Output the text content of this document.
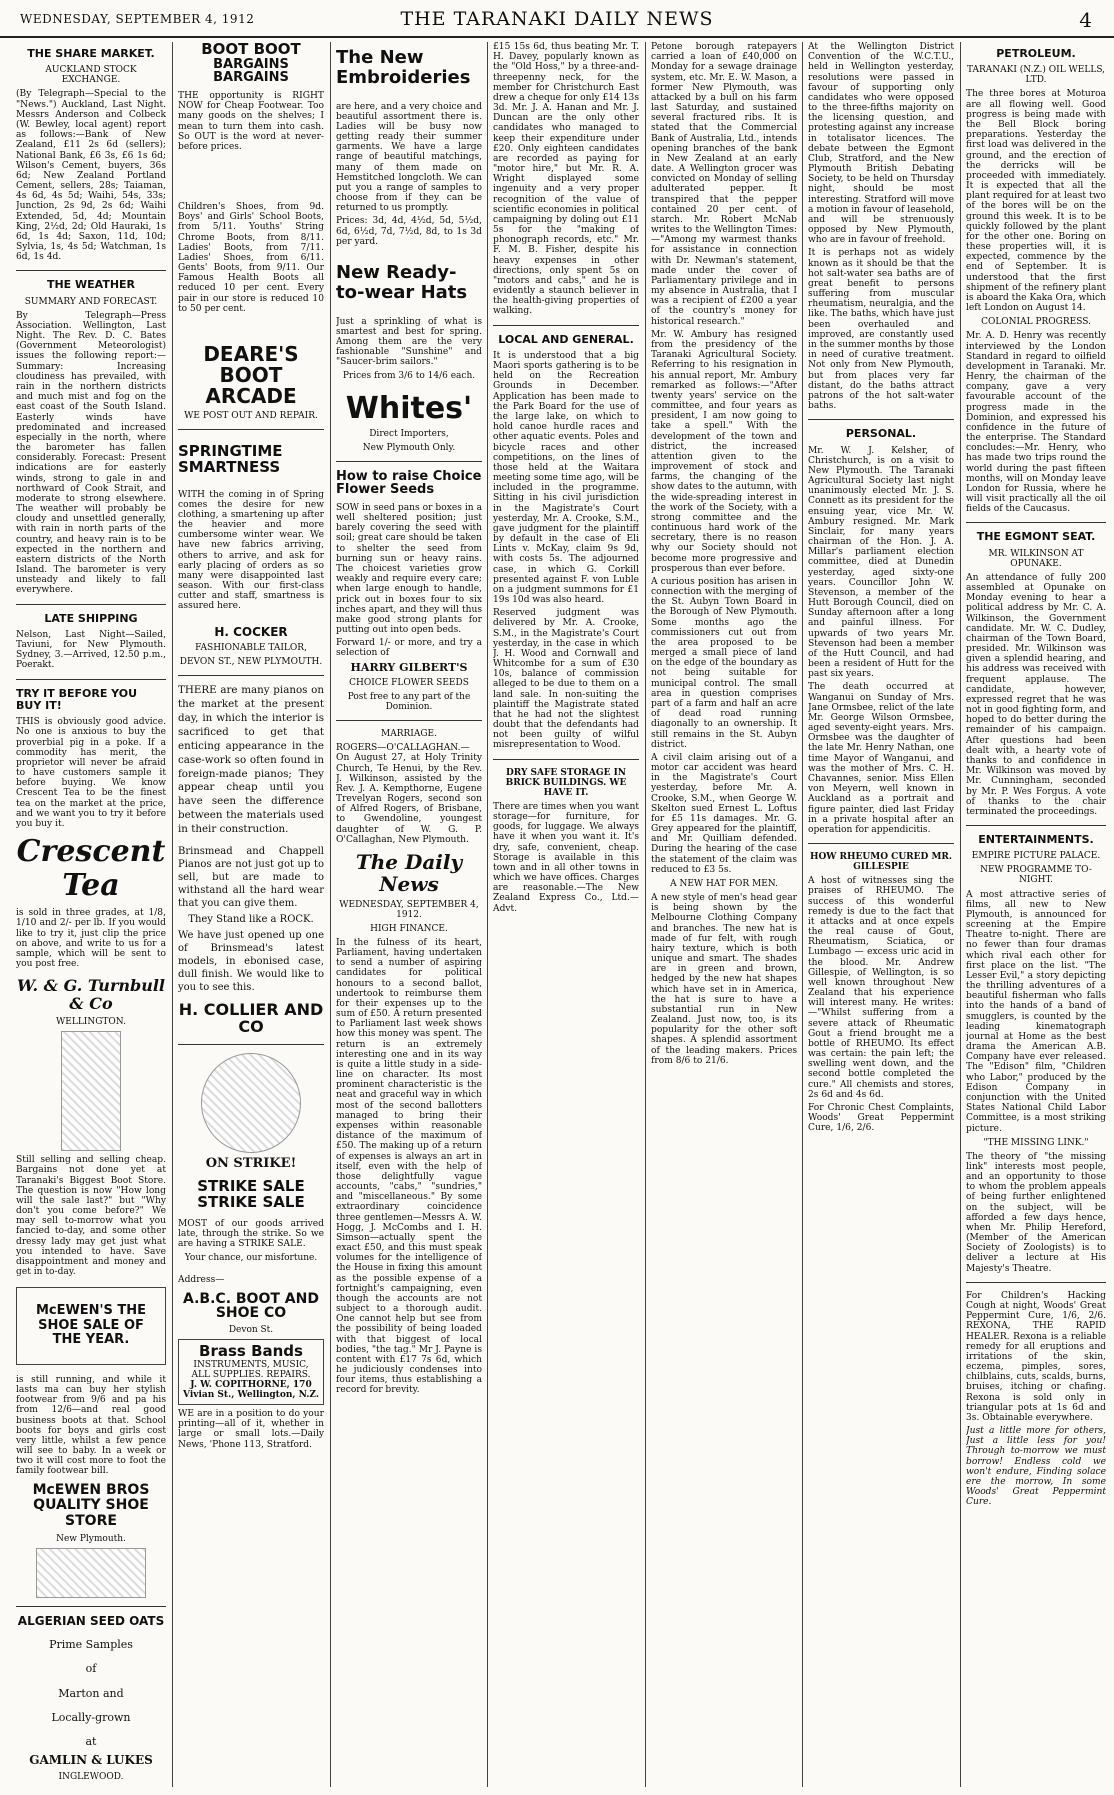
WEDNESDAY, SEPTEMBER 4, 1912	THE TARANAKI DAILY NEWS	4
THE SHARE MARKET.
AUCKLAND STOCK EXCHANGE.

(By Telegraph—Special to the "News.") Auckland, Last Night. Messrs Anderson and Colbeck (W. Bewley, local agent) report as follows:—Bank of New Zealand, £11 2s 6d (sellers); National Bank, £6 3s, £6 1s 6d; Wilson's Cement, buyers, 36s 6d; New Zealand Portland Cement, sellers, 28s; Taiaman, 4s 6d, 4s 5d; Waihi, 54s, 33s; Junction, 2s 9d, 2s 6d; Waihi Extended, 5d, 4d; Mountain King, 2½d, 2d; Old Hauraki, 1s 6d, 1s 4d; Saxon, 11d, 10d; Sylvia, 1s, 4s 5d; Watchman, 1s 6d, 1s 4d.

THE WEATHER
SUMMARY AND FORECAST.

By Telegraph—Press Association. Wellington, Last Night. The Rev. D. C. Bates (Government Meteorologist) issues the following report:— Summary: Increasing cloudiness has prevailed, with rain in the northern districts and much mist and fog on the east coast of the South Island. Easterly winds have predominated and increased especially in the north, where the barometer has fallen considerably. Forecast: Present indications are for easterly winds, strong to gale in and northward of Cook Strait, and moderate to strong elsewhere. The weather will probably be cloudy and unsettled generally, with rain in north parts of the country, and heavy rain is to be expected in the northern and eastern districts of the North Island. The barometer is very unsteady and likely to fall everywhere.

LATE SHIPPING

Nelson, Last Night—Sailed, Taviuni, for New Plymouth. Sydney, 3.—Arrived, 12.50 p.m., Poerakt.

TRY IT BEFORE YOU BUY IT!

THIS is obviously good advice. No one is anxious to buy the proverbial pig in a poke. If a commodity has merit, the proprietor will never be afraid to have customers sample it before buying. We know Crescent Tea to be the finest tea on the market at the price, and we want you to try it before you buy it.

Crescent Tea

is sold in three grades, at 1/8, 1/10 and 2/- per lb. If you would like to try it, just clip the price on above, and write to us for a sample, which will be sent to you post free.

W. & G. Turnbull & Co
WELLINGTON.

Still selling and selling cheap. Bargains not done yet at Taranaki's Biggest Boot Store. The question is now "How long will the sale last?" but "Why don't you come before?" We may sell to-morrow what you fancied to-day, and some other dressy lady may get just what you intended to have. Save disappointment and money and get in to-day.

McEWEN'S THE SHOE SALE OF THE YEAR.

is still running, and while it lasts ma can buy her stylish footwear from 9/6 and pa his from 12/6—and real good business boots at that. School boots for boys and girls cost very little, whilst a few pence will see to baby. In a week or two it will cost more to foot the family footwear bill.

McEWEN BROS QUALITY SHOE STORE
New Plymouth.
ALGERIAN SEED OATS
Prime Samples
of
Marton and
Locally-grown
at
GAMLIN & LUKES
INGLEWOOD.
BOOT BOOT
BARGAINS BARGAINS

THE opportunity is RIGHT NOW for Cheap Footwear. Too many goods on the shelves; I mean to turn them into cash. So OUT is the word at never-before prices.

Children's Shoes, from 9d. Boys' and Girls' School Boots, from 5/11. Youths' String Chrome Boots, from 8/11. Ladies' Boots, from 7/11. Ladies' Shoes, from 6/11. Gents' Boots, from 9/11. Our Famous Health Boots all reduced 10 per cent. Every pair in our store is reduced 10 to 50 per cent.

DEARE'S BOOT ARCADE
WE POST OUT AND REPAIR.
SPRINGTIME SMARTNESS

WITH the coming in of Spring comes the desire for new clothing, a smartening up after the heavier and more cumbersome winter wear. We have new fabrics arriving, others to arrive, and ask for early placing of orders as so many were disappointed last season. With our first-class cutter and staff, smartness is assured here.

H. COCKER
FASHIONABLE TAILOR,
DEVON ST., NEW PLYMOUTH.

THERE are many pianos on the market at the present day, in which the interior is sacrificed to get that enticing appearance in the case-work so often found in foreign-made pianos; They appear cheap until you have seen the difference between the materials used in their construction.

Brinsmead and Chappell Pianos are not just got up to sell, but are made to withstand all the hard wear that you can give them.

They Stand like a ROCK.

We have just opened up one of Brinsmead's latest models, in ebonised case, dull finish. We would like to you to see this.

H. COLLIER AND CO
ON STRIKE!
STRIKE SALE STRIKE SALE

MOST of our goods arrived late, through the strike. So we are having a STRIKE SALE.

Your chance, our misfortune.

Address—

A.B.C. BOOT AND SHOE CO
Devon St.
Brass Bands
INSTRUMENTS, MUSIC, ALL SUPPLIES. REPAIRS.
J. W. COPITHORNE, 170 Vivian St., Wellington, N.Z.

WE are in a position to do your printing—all of it, whether in large or small lots.—Daily News, 'Phone 113, Stratford.

The New Embroideries

are here, and a very choice and beautiful assortment there is. Ladies will be busy now getting ready their summer garments. We have a large range of beautiful matchings, many of them made on Hemstitched longcloth. We can put you a range of samples to choose from if they can be returned to us promptly.

Prices: 3d, 4d, 4½d, 5d, 5½d, 6d, 6½d, 7d, 7½d, 8d, to 1s 3d per yard.

New Ready-to-wear Hats

Just a sprinkling of what is smartest and best for spring. Among them are the very fashionable "Sunshine" and "Saucer-brim sailors."

Prices from 3/6 to 14/6 each.
Whites'
Direct Importers,
New Plymouth Only.
How to raise Choice Flower Seeds

SOW in seed pans or boxes in a well sheltered position; just barely covering the seed with soil; great care should be taken to shelter the seed from burning sun or heavy rains. The choicest varieties grow weakly and require every care; when large enough to handle, prick out in boxes four to six inches apart, and they will thus make good strong plants for putting out into open beds.

Forward 1/- or more, and try a selection of

HARRY GILBERT'S
CHOICE FLOWER SEEDS
Post free to any part of the Dominion.
MARRIAGE.

ROGERS—O'CALLAGHAN.—On August 27, at Holy Trinity Church, Te Henui, by the Rev. J. Wilkinson, assisted by the Rev. J. A. Kempthorne, Eugene Trevelyan Rogers, second son of Alfred Rogers, of Brisbane, to Gwendoline, youngest daughter of W. G. P. O'Callaghan, New Plymouth.

The Daily News
WEDNESDAY, SEPTEMBER 4, 1912.
HIGH FINANCE.

In the fulness of its heart, Parliament, having undertaken to send a number of aspiring candidates for political honours to a second ballot, undertook to reimburse them for their expenses up to the sum of £50. A return presented to Parliament last week shows how this money was spent. The return is an extremely interesting one and in its way is quite a little study in a side-line on character. Its most prominent characteristic is the neat and graceful way in which most of the second ballotters managed to bring their expenses within reasonable distance of the maximum of £50. The making up of a return of expenses is always an art in itself, even with the help of those delightfully vague accounts, "cabs," "sundries," and "miscellaneous." By some extraordinary coincidence three gentlemen—Messrs A. W. Hogg, J. McCombs and I. H. Simson—actually spent the exact £50, and this must speak volumes for the intelligence of the House in fixing this amount as the possible expense of a fortnight's campaigning, even though the accounts are not subject to a thorough audit. One cannot help but see from the possibility of being loaded with that biggest of local bodies, "the tag." Mr J. Payne is content with £17 7s 6d, which he judiciously condenses into four items, thus establishing a record for brevity.

£15 15s 6d, thus beating Mr. T. H. Davey, popularly known as the "Old Hoss," by a three-and-threepenny neck, for the member for Christchurch East drew a cheque for only £14 13s 3d. Mr. J. A. Hanan and Mr. J. Duncan are the only other candidates who managed to keep their expenditure under £20. Only eighteen candidates are recorded as paying for "motor hire," but Mr. R. A. Wright displayed some ingenuity and a very proper recognition of the value of scientific economies in political campaigning by doling out £11 5s for the "making of phonograph records, etc." Mr. F. M. B. Fisher, despite his heavy expenses in other directions, only spent 5s on "motors and cabs," and he is evidently a staunch believer in the health-giving properties of walking.

LOCAL AND GENERAL.

It is understood that a big Maori sports gathering is to be held on the Recreation Grounds in December. Application has been made to the Park Board for the use of the large lake, on which to hold canoe hurdle races and other aquatic events. Poles and bicycle races and other competitions, on the lines of those held at the Waitara meeting some time ago, will be included in the programme. Sitting in his civil jurisdiction in the Magistrate's Court yesterday, Mr. A. Crooke, S.M., gave judgment for the plaintiff by default in the case of Eli Lints v. McKay, claim 9s 9d, with costs 5s. The adjourned case, in which G. Corkill presented against F. von Luble on a judgment summons for £1 19s 10d was also heard.

Reserved judgment was delivered by Mr. A. Crooke, S.M., in the Magistrate's Court yesterday, in the case in which J. H. Wood and Cornwall and Whitcombe for a sum of £30 10s, balance of commission alleged to be due to them on a land sale. In non-suiting the plaintiff the Magistrate stated that he had not the slightest doubt that the defendants had not been guilty of wilful misrepresentation to Wood.

DRY SAFE STORAGE IN BRICK BUILDINGS. WE HAVE IT.

There are times when you want storage—for furniture, for goods, for luggage. We always have it when you want it. It's dry, safe, convenient, cheap. Storage is available in this town and in all other towns in which we have offices. Charges are reasonable.—The New Zealand Express Co., Ltd.—Advt.

Petone borough ratepayers carried a loan of £40,000 on Monday for a sewage drainage system, etc. Mr. E. W. Mason, a former New Plymouth, was attacked by a bull on his farm last Saturday, and sustained several fractured ribs. It is stated that the Commercial Bank of Australia, Ltd., intends opening branches of the bank in New Zealand at an early date. A Wellington grocer was convicted on Monday of selling adulterated pepper. It transpired that the pepper contained 20 per cent. of starch. Mr. Robert McNab writes to the Wellington Times:—"Among my warmest thanks for assistance in connection with Dr. Newman's statement, made under the cover of Parliamentary privilege and in my absence in Australia, that I was a recipient of £200 a year of the country's money for historical research."

Mr. W. Ambury has resigned from the presidency of the Taranaki Agricultural Society. Referring to his resignation in his annual report, Mr. Ambury remarked as follows:—"After twenty years' service on the committee, and four years as president, I am now going to take a spell." With the development of the town and district, the increased attention given to the improvement of stock and farms, the changing of the show dates to the autumn, with the wide-spreading interest in the work of the Society, with a strong committee and the continuous hard work of the secretary, there is no reason why our Society should not become more progressive and prosperous than ever before.

A curious position has arisen in connection with the merging of the St. Aubyn Town Board in the Borough of New Plymouth. Some months ago the commissioners cut out from the area proposed to be merged a small piece of land on the edge of the boundary as not being suitable for municipal control. The small area in question comprises part of a farm and half an acre of dead road running diagonally to an ownership. It still remains in the St. Aubyn district.

A civil claim arising out of a motor car accident was heard in the Magistrate's Court yesterday, before Mr. A. Crooke, S.M., when George W. Skelton sued Ernest L. Loftus for £5 11s damages. Mr. G. Grey appeared for the plaintiff, and Mr. Quilliam defended. During the hearing of the case the statement of the claim was reduced to £3 5s.

A NEW HAT FOR MEN.

A new style of men's head gear is being shown by the Melbourne Clothing Company and branches. The new hat is made of fur felt, with rough hairy texture, which is both unique and smart. The shades are in green and brown, hedged by the new hat shapes which have set in in America, the hat is sure to have a substantial run in New Zealand. Just now, too, is its popularity for the other soft shapes. A splendid assortment of the leading makers. Prices from 8/6 to 21/6.

At the Wellington District Convention of the W.C.T.U., held in Wellington yesterday, resolutions were passed in favour of supporting only candidates who were opposed to the three-fifths majority on the licensing question, and protesting against any increase in totalisator licences. The debate between the Egmont Club, Stratford, and the New Plymouth British Debating Society, to be held on Thursday night, should be most interesting. Stratford will move a motion in favour of leasehold, and will be strenuously opposed by New Plymouth, who are in favour of freehold.

It is perhaps not as widely known as it should be that the hot salt-water sea baths are of great benefit to persons suffering from muscular rheumatism, neuralgia, and the like. The baths, which have just been overhauled and improved, are constantly used in the summer months by those in need of curative treatment. Not only from New Plymouth, but from places very far distant, do the baths attract patrons of the hot salt-water baths.

PERSONAL.

Mr. W. J. Kelsher, of Christchurch, is on a visit to New Plymouth. The Taranaki Agricultural Society last night unanimously elected Mr. J. S. Connett as its president for the ensuing year, vice Mr. W. Ambury resigned. Mr. Mark Sinclair, for many years chairman of the Hon. J. A. Millar's parliament election committee, died at Dunedin yesterday, aged sixty-one years. Councillor John W. Stevenson, a member of the Hutt Borough Council, died on Sunday afternoon after a long and painful illness. For upwards of two years Mr. Stevenson had been a member of the Hutt Council, and had been a resident of Hutt for the past six years.

The death occurred at Wanganui on Sunday of Mrs. Jane Ormsbee, relict of the late Mr. George Wilson Ormsbee, aged seventy-eight years. Mrs. Ormsbee was the daughter of the late Mr. Henry Nathan, one time Mayor of Wanganui, and was the mother of Mrs. C. H. Chavannes, senior. Miss Ellen von Meyern, well known in Auckland as a portrait and figure painter, died last Friday in a private hospital after an operation for appendicitis.

HOW RHEUMO CURED MR. GILLESPIE

A host of witnesses sing the praises of RHEUMO. The success of this wonderful remedy is due to the fact that it attacks and at once expels the real cause of Gout, Rheumatism, Sciatica, or Lumbago — excess uric acid in the blood. Mr. Andrew Gillespie, of Wellington, is so well known throughout New Zealand that his experience will interest many. He writes:—"Whilst suffering from a severe attack of Rheumatic Gout a friend brought me a bottle of RHEUMO. Its effect was certain: the pain left; the swelling went down, and the second bottle completed the cure." All chemists and stores, 2s 6d and 4s 6d.

For Chronic Chest Complaints, Woods' Great Peppermint Cure, 1/6, 2/6.

PETROLEUM.
TARANAKI (N.Z.) OIL WELLS, LTD.

The three bores at Moturoa are all flowing well. Good progress is being made with the Bell Block boring preparations. Yesterday the first load was delivered in the ground, and the erection of the derricks will be proceeded with immediately. It is expected that all the plant required for at least two of the bores will be on the ground this week. It is to be quickly followed by the plant for the other one. Boring on these properties will, it is expected, commence by the end of September. It is understood that the first shipment of the refinery plant is aboard the Kaka Ora, which left London on August 14.

COLONIAL PROGRESS.

Mr. A. D. Henry was recently interviewed by the London Standard in regard to oilfield development in Taranaki. Mr. Henry, the chairman of the company, gave a very favourable account of the progress made in the Dominion, and expressed his confidence in the future of the enterprise. The Standard concludes:—Mr. Henry, who has made two trips round the world during the past fifteen months, will on Monday leave London for Russia, where he will visit practically all the oil fields of the Caucasus.

THE EGMONT SEAT.
MR. WILKINSON AT OPUNAKE.

An attendance of fully 200 assembled at Opunake on Monday evening to hear a political address by Mr. C. A. Wilkinson, the Government candidate. Mr. W. C. Dudley, chairman of the Town Board, presided. Mr. Wilkinson was given a splendid hearing, and his address was received with frequent applause. The candidate, however, expressed regret that he was not in good fighting form, and hoped to do better during the remainder of his campaign. After questions had been dealt with, a hearty vote of thanks to and confidence in Mr. Wilkinson was moved by Mr. Cunningham, seconded by Mr. P. Wes Forgus. A vote of thanks to the chair terminated the proceedings.

ENTERTAINMENTS.
EMPIRE PICTURE PALACE.
NEW PROGRAMME TO-NIGHT.

A most attractive series of films, all new to New Plymouth, is announced for screening at the Empire Theatre to-night. There are no fewer than four dramas which rival each other for first place on the list. "The Lesser Evil," a story depicting the thrilling adventures of a beautiful fisherman who falls into the hands of a band of smugglers, is counted by the leading kinematograph journal at Home as the best drama the American A.B. Company have ever released. The "Edison" film, "Children who Labor," produced by the Edison Company in conjunction with the United States National Child Labor Committee, is a most striking picture.

"THE MISSING LINK."

The theory of "the missing link" interests most people, and an opportunity to those to whom the problem appeals of being further enlightened on the subject, will be afforded a few days hence, when Mr. Philip Hereford, (Member of the American Society of Zoologists) is to deliver a lecture at His Majesty's Theatre.

For Children's Hacking Cough at night, Woods' Great Peppermint Cure, 1/6, 2/6. REXONA, THE RAPID HEALER. Rexona is a reliable remedy for all eruptions and irritations of the skin, eczema, pimples, sores, chilblains, cuts, scalds, burns, bruises, itching or chafing. Rexona is sold only in triangular pots at 1s 6d and 3s. Obtainable everywhere.

Just a little more for others, Just a little less for you! Through to-morrow we must borrow! Endless cold we won't endure, Finding solace ere the morrow, In some Woods' Great Peppermint Cure.
